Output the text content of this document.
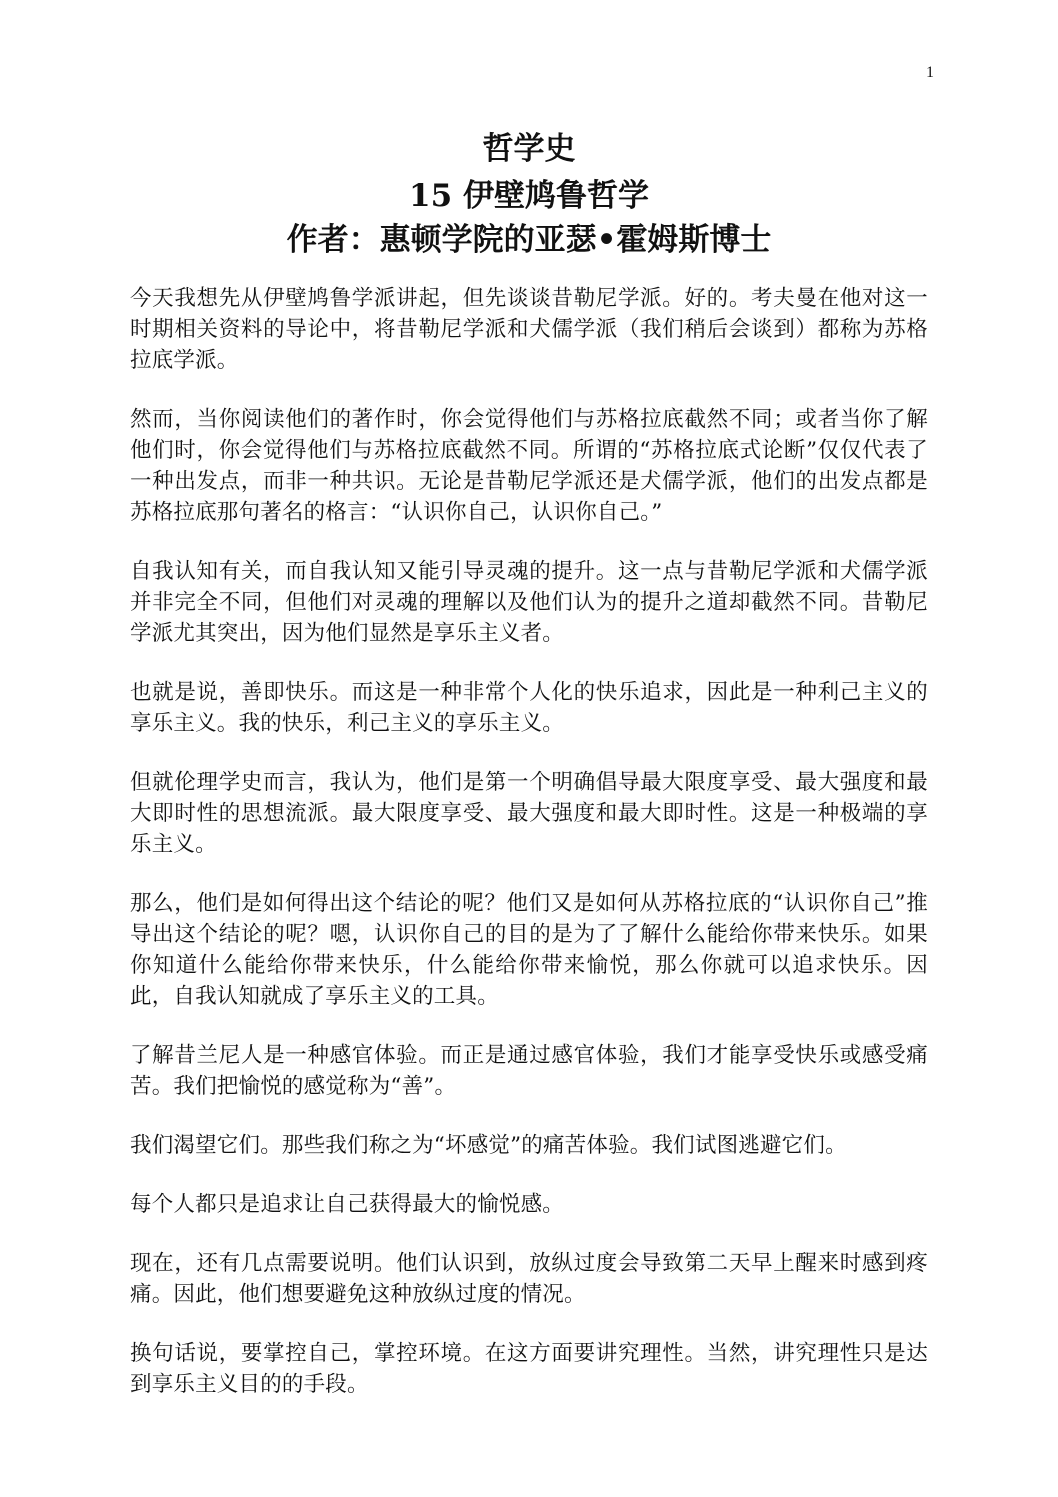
1
哲学史
15 伊壁鸠鲁哲学
作者：惠顿学院的亚瑟•霍姆斯博士

今天我想先从伊壁鸠鲁学派讲起，但先谈谈昔勒尼学派。好的。考夫曼在他对这一时期相关资料的导论中，将昔勒尼学派和犬儒学派（我们稍后会谈到）都称为苏格拉底学派。

然而，当你阅读他们的著作时，你会觉得他们与苏格拉底截然不同；或者当你了解他们时，你会觉得他们与苏格拉底截然不同。所谓的“苏格拉底式论断”仅仅代表了一种出发点，而非一种共识。无论是昔勒尼学派还是犬儒学派，他们的出发点都是苏格拉底那句著名的格言：“认识你自己，认识你自己。”

自我认知有关，而自我认知又能引导灵魂的提升。这一点与昔勒尼学派和犬儒学派并非完全不同，但他们对灵魂的理解以及他们认为的提升之道却截然不同。昔勒尼学派尤其突出，因为他们显然是享乐主义者。

也就是说，善即快乐。而这是一种非常个人化的快乐追求，因此是一种利己主义的享乐主义。我的快乐，利己主义的享乐主义。

但就伦理学史而言，我认为，他们是第一个明确倡导最大限度享受、最大强度和最大即时性的思想流派。最大限度享受、最大强度和最大即时性。这是一种极端的享乐主义。

那么，他们是如何得出这个结论的呢？他们又是如何从苏格拉底的“认识你自己”推导出这个结论的呢？嗯，认识你自己的目的是为了了解什么能给你带来快乐。如果你知道什么能给你带来快乐，什么能给你带来愉悦，那么你就可以追求快乐。因此，自我认知就成了享乐主义的工具。

了解昔兰尼人是一种感官体验。而正是通过感官体验，我们才能享受快乐或感受痛苦。我们把愉悦的感觉称为“善”。

我们渴望它们。那些我们称之为“坏感觉”的痛苦体验。我们试图逃避它们。

每个人都只是追求让自己获得最大的愉悦感。

现在，还有几点需要说明。他们认识到，放纵过度会导致第二天早上醒来时感到疼痛。因此，他们想要避免这种放纵过度的情况。

换句话说，要掌控自己，掌控环境。在这方面要讲究理性。当然，讲究理性只是达到享乐主义目的的手段。
